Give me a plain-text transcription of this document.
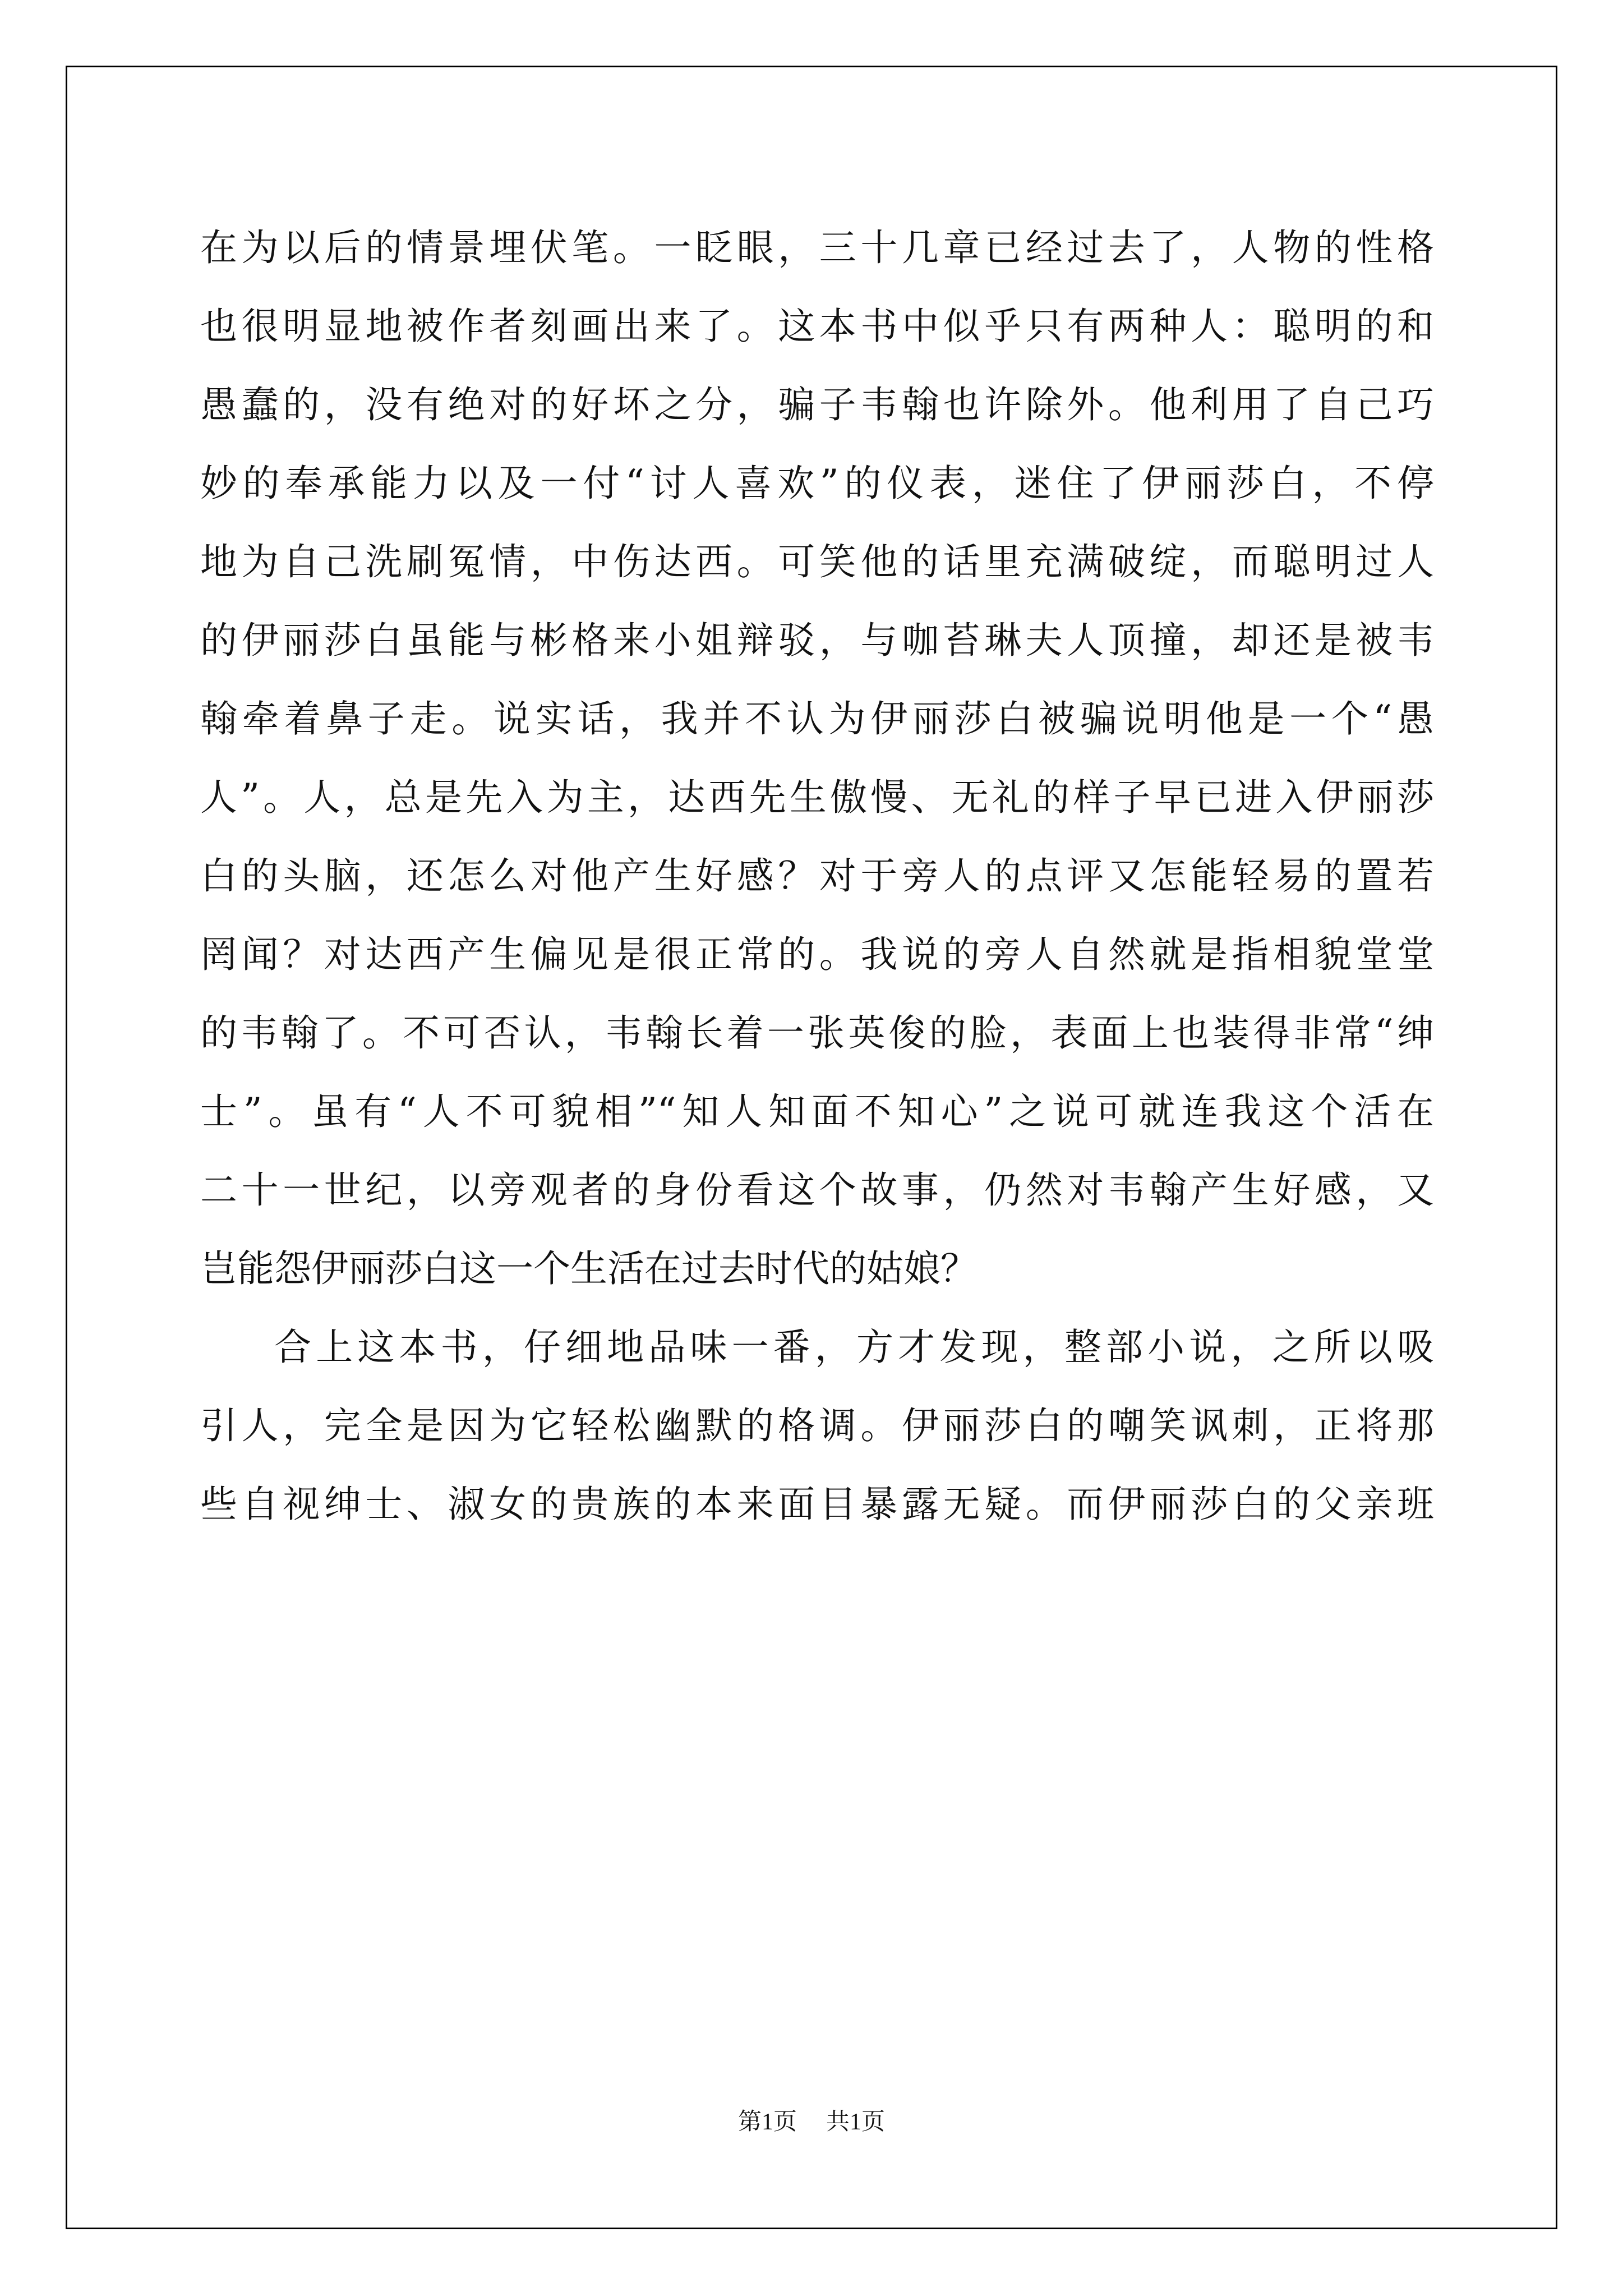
在为以后的情景埋伏笔。一眨眼，三十几章已经过去了，人物的性格
也很明显地被作者刻画出来了。这本书中似乎只有两种人：聪明的和
愚蠢的，没有绝对的好坏之分，骗子韦翰也许除外。他利用了自己巧
妙的奉承能力以及一付“讨人喜欢”的仪表，迷住了伊丽莎白，不停
地为自己洗刷冤情，中伤达西。可笑他的话里充满破绽，而聪明过人
的伊丽莎白虽能与彬格来小姐辩驳，与咖苔琳夫人顶撞，却还是被韦
翰牵着鼻子走。说实话，我并不认为伊丽莎白被骗说明他是一个“愚
人”。人，总是先入为主，达西先生傲慢、无礼的样子早已进入伊丽莎
白的头脑，还怎么对他产生好感？对于旁人的点评又怎能轻易的置若
罔闻？对达西产生偏见是很正常的。我说的旁人自然就是指相貌堂堂
的韦翰了。不可否认，韦翰长着一张英俊的脸，表面上也装得非常“绅
士”。虽有“人不可貌相”“知人知面不知心”之说可就连我这个活在
二十一世纪，以旁观者的身份看这个故事，仍然对韦翰产生好感，又
岂能怨伊丽莎白这一个生活在过去时代的姑娘？
合上这本书，仔细地品味一番，方才发现，整部小说，之所以吸
引人，完全是因为它轻松幽默的格调。伊丽莎白的嘲笑讽刺，正将那
些自视绅士、淑女的贵族的本来面目暴露无疑。而伊丽莎白的父亲班
第1页 共1页
